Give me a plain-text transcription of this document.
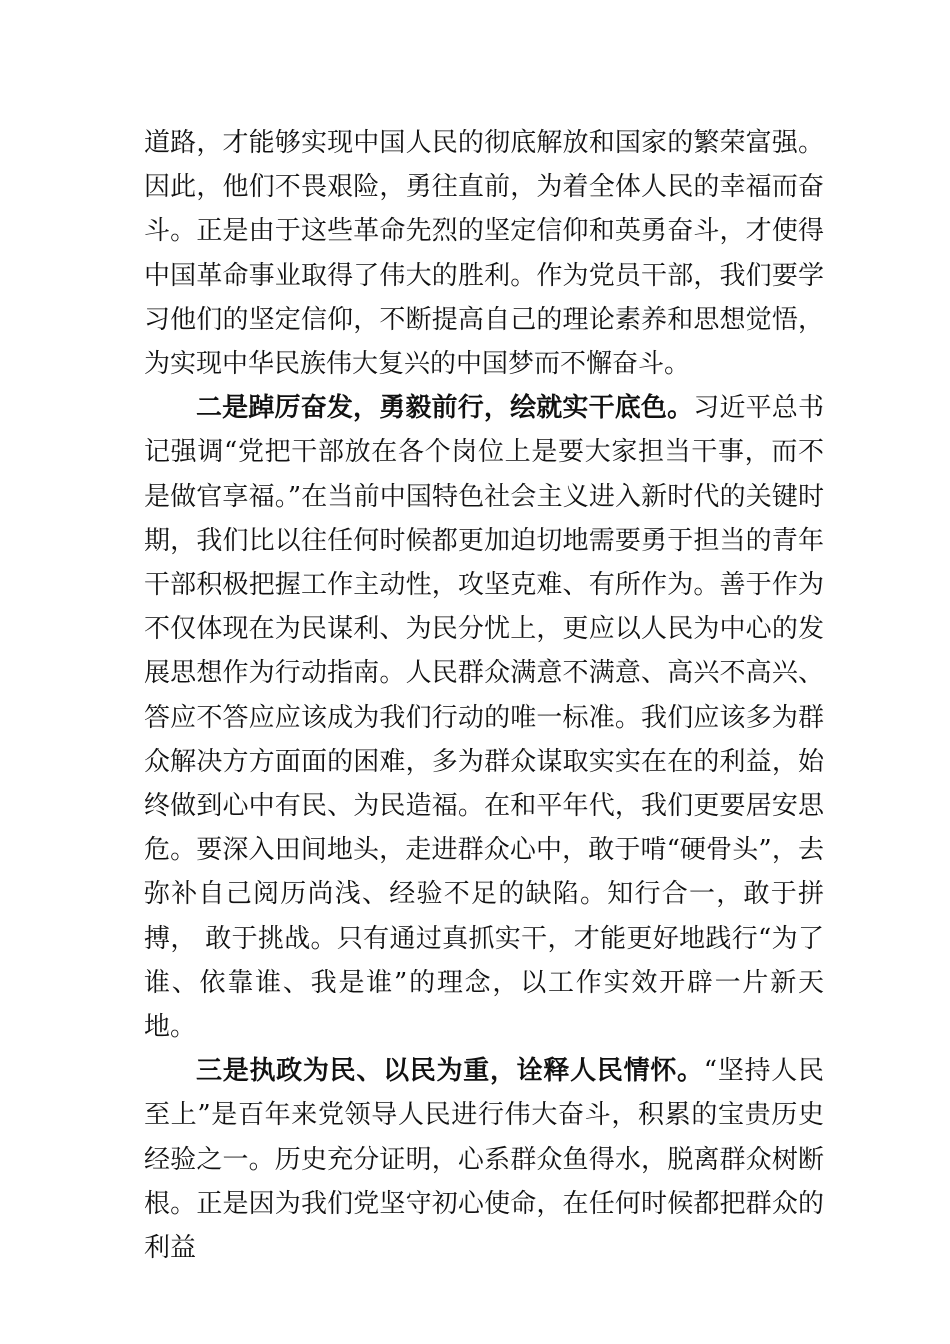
道路，才能够实现中国人民的彻底解放和国家的繁荣富强。因此，他们不畏艰险，勇往直前，为着全体人民的幸福而奋斗。正是由于这些革命先烈的坚定信仰和英勇奋斗，才使得中国革命事业取得了伟大的胜利。作为党员干部，我们要学习他们的坚定信仰，不断提高自己的理论素养和思想觉悟，为实现中华民族伟大复兴的中国梦而不懈奋斗。

二是踔厉奋发，勇毅前行，绘就实干底色。习近平总书记强调“党把干部放在各个岗位上是要大家担当干事，而不是做官享福。”在当前中国特色社会主义进入新时代的关键时期，我们比以往任何时候都更加迫切地需要勇于担当的青年干部积极把握工作主动性，攻坚克难、有所作为。善于作为不仅体现在为民谋利、为民分忧上，更应以人民为中心的发展思想作为行动指南。人民群众满意不满意、高兴不高兴、答应不答应应该成为我们行动的唯一标准。我们应该多为群众解决方方面面的困难，多为群众谋取实实在在的利益，始终做到心中有民、为民造福。在和平年代，我们更要居安思危。要深入田间地头，走进群众心中，敢于啃“硬骨头”，去弥补自己阅历尚浅、经验不足的缺陷。知行合一，敢于拼搏， 敢于挑战。只有通过真抓实干，才能更好地践行“为了谁、依靠谁、我是谁”的理念，以工作实效开辟一片新天地。

三是执政为民、以民为重，诠释人民情怀。“坚持人民至上”是百年来党领导人民进行伟大奋斗，积累的宝贵历史经验之一。历史充分证明，心系群众鱼得水，脱离群众树断根。正是因为我们党坚守初心使命，在任何时候都把群众的利益
